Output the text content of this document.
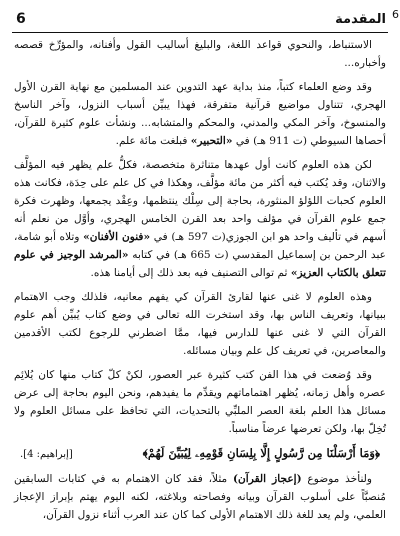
المقدمة
6	6

الاستنباط، والنحوي قواعد اللغة، والبليغ أساليب القول وأفنانه، والمؤرِّخ قصصه وأخباره...

وقد وضع العلماء كتباً، منذ بداية عهد التدوين عند المسلمين مع نهاية القرن الأول الهجري، تتناول مواضيع قرآنية متفرقة، فهذا يبيِّن أسباب النزول، وآخر الناسخ والمنسوخ، وآخر المكي والمدني، والمحكم والمتشابه... ونشأت علوم كثيرة للقرآن، أحصاها السيوطي (ت 911 هـ) في «التحبير» فبلغت مائة علم.

لكن هذه العلوم كانت أول عهدها متناثرة متخصصة، فكلُّ علم يظهر فيه المؤلَّف والاثنان، وقد يُكتب فيه أكثر من مائة مؤلَّف، وهكذا في كل علم على حِدَة، فكانت هذه العلوم كحبات اللؤلؤ المنثورة، بحاجة إلى سِلْك ينتظمها، وعِقْد يجمعها، وظهرت فكرة جمع علوم القرآن في مؤلف واحد بعد القرن الخامس الهجري، وأوَّل من نعلم أنه أسهم في تأليف واحد هو ابن الجوزي(ت 597 هـ) في «فنون الأفنان» وتلاه أبو شامة، عبد الرحمن بن إسماعيل المقدسي (ت 665 هـ) في كتابه «المرشد الوجيز في علوم تتعلق بالكتاب العزيز» ثم توالى التصنيف فيه بعد ذلك إلى أيامنا هذه.

وهذه العلوم لا غنى عنها لقارئ القرآن كي يفهم معانيه، فلذلك وجب الاهتمام ببيانها، وتعريف الناس بها، وقد استخرت الله تعالى في وضع كتاب يُبيِّن أهم علوم القرآن التي لا غنى عنها للدارس فيها، ممَّا اضطرني للرجوع لكتب الأقدمين والمعاصرين، في تعريف كل علم وبيان مسائله.

وقد وُضعت في هذا الفن كتب كثيرة عبر العصور، لكنْ كلّ كتاب منها كان يُلائِم عصره وأهل زمانه، يُظهر اهتماماتهم ويقدِّم ما يفيدهم، ونحن اليوم بحاجة إلى عرض مسائل هذا العلم بلغة العصر الملبِّي بالتحديات، التي تحافظ على مسائل العلوم ولا تُخِلّ بها، ولكن تعرضها عرضاً مناسباً.

﴿وَمَا أَرْسَلْنَا مِن رَّسُولٍ إِلَّا بِلِسَانِ قَوْمِهِۦ لِيُبَيِّنَ لَهُمْ﴾
[إبراهيم: 4].

ولنأخذ موضوع (إعجاز القرآن) مثلاً، فقد كان الاهتمام به في كتابات السابقين مُنصبَّاً على أسلوب القرآن وبيانه وفصاحته وبلاغته، لكنه اليوم يهتم بإبراز الإعجاز العلمي، ولم يعد للغة ذلك الاهتمام الأولى كما كان عند العرب أثناء نزول القرآن،
